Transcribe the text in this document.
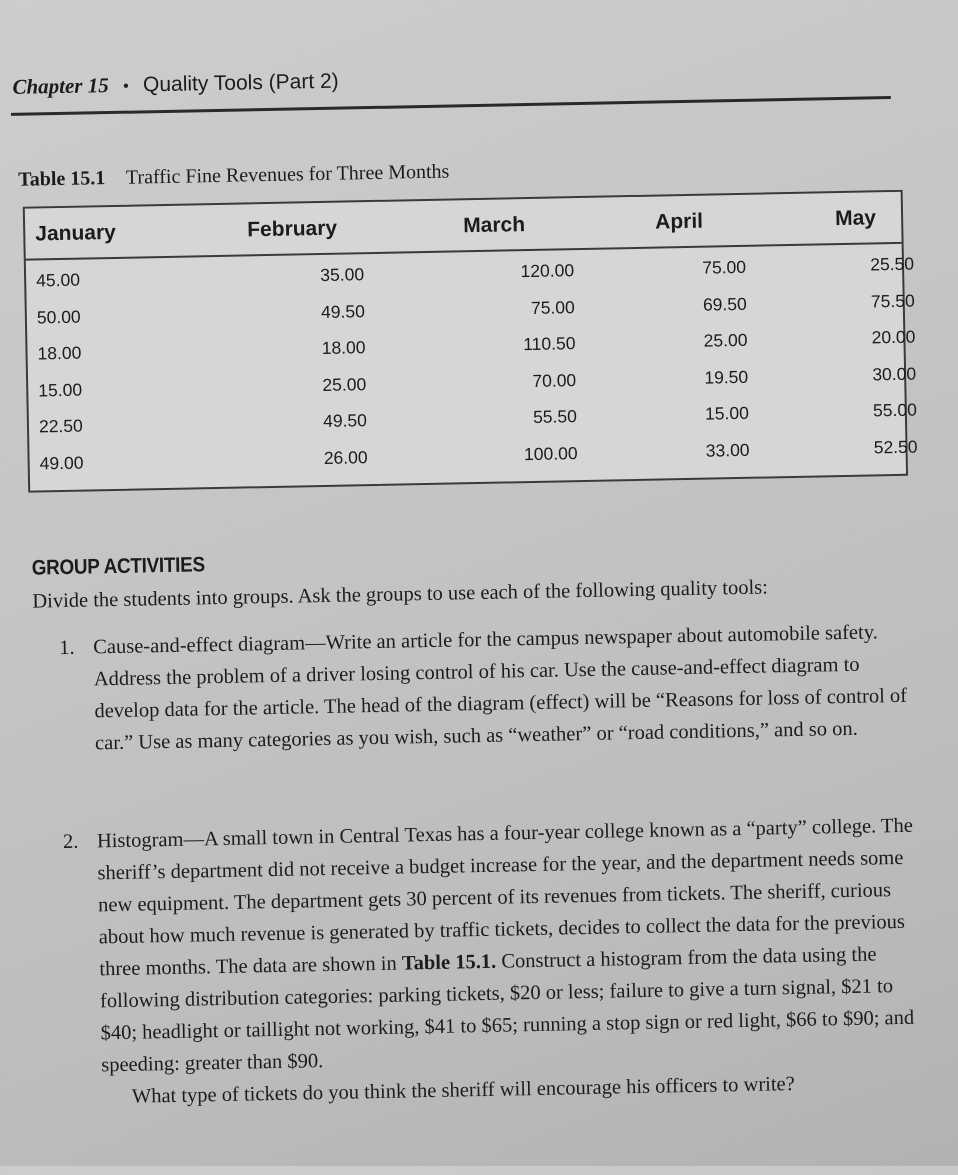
Chapter 15 • Quality Tools (Part 2)
Table 15.1 Traffic Fine Revenues for Three Months
January	February	March	April	May
45.00	35.00	120.00	75.00	25.50
50.00	49.50	75.00	69.50	75.50
18.00	18.00	110.50	25.00	20.00
15.00	25.00	70.00	19.50	30.00
22.50	49.50	55.50	15.00	55.00
49.00	26.00	100.00	33.00	52.50
GROUP ACTIVITIES
Divide the students into groups. Ask the groups to use each of the following quality tools:
1. Cause-and-effect diagram—Write an article for the campus newspaper about automobile safety. Address the problem of a driver losing control of his car. Use the cause-and-effect diagram to develop data for the article. The head of the diagram (effect) will be “Reasons for loss of control of car.” Use as many categories as you wish, such as “weather” or “road conditions,” and so on.

2. Histogram—A small town in Central Texas has a four-year college known as a “party” college. The sheriff’s department did not receive a budget increase for the year, and the department needs some new equipment. The department gets 30 percent of its revenues from tickets. The sheriff, curious about how much revenue is generated by traffic tickets, decides to collect the data for the previous three months. The data are shown in Table 15.1. Construct a histogram from the data using the following distribution categories: parking tickets, $20 or less; failure to give a turn signal, $21 to $40; headlight or taillight not working, $41 to $65; running a stop sign or red light, $66 to $90; and speeding: greater than $90.

What type of tickets do you think the sheriff will encourage his officers to write?
